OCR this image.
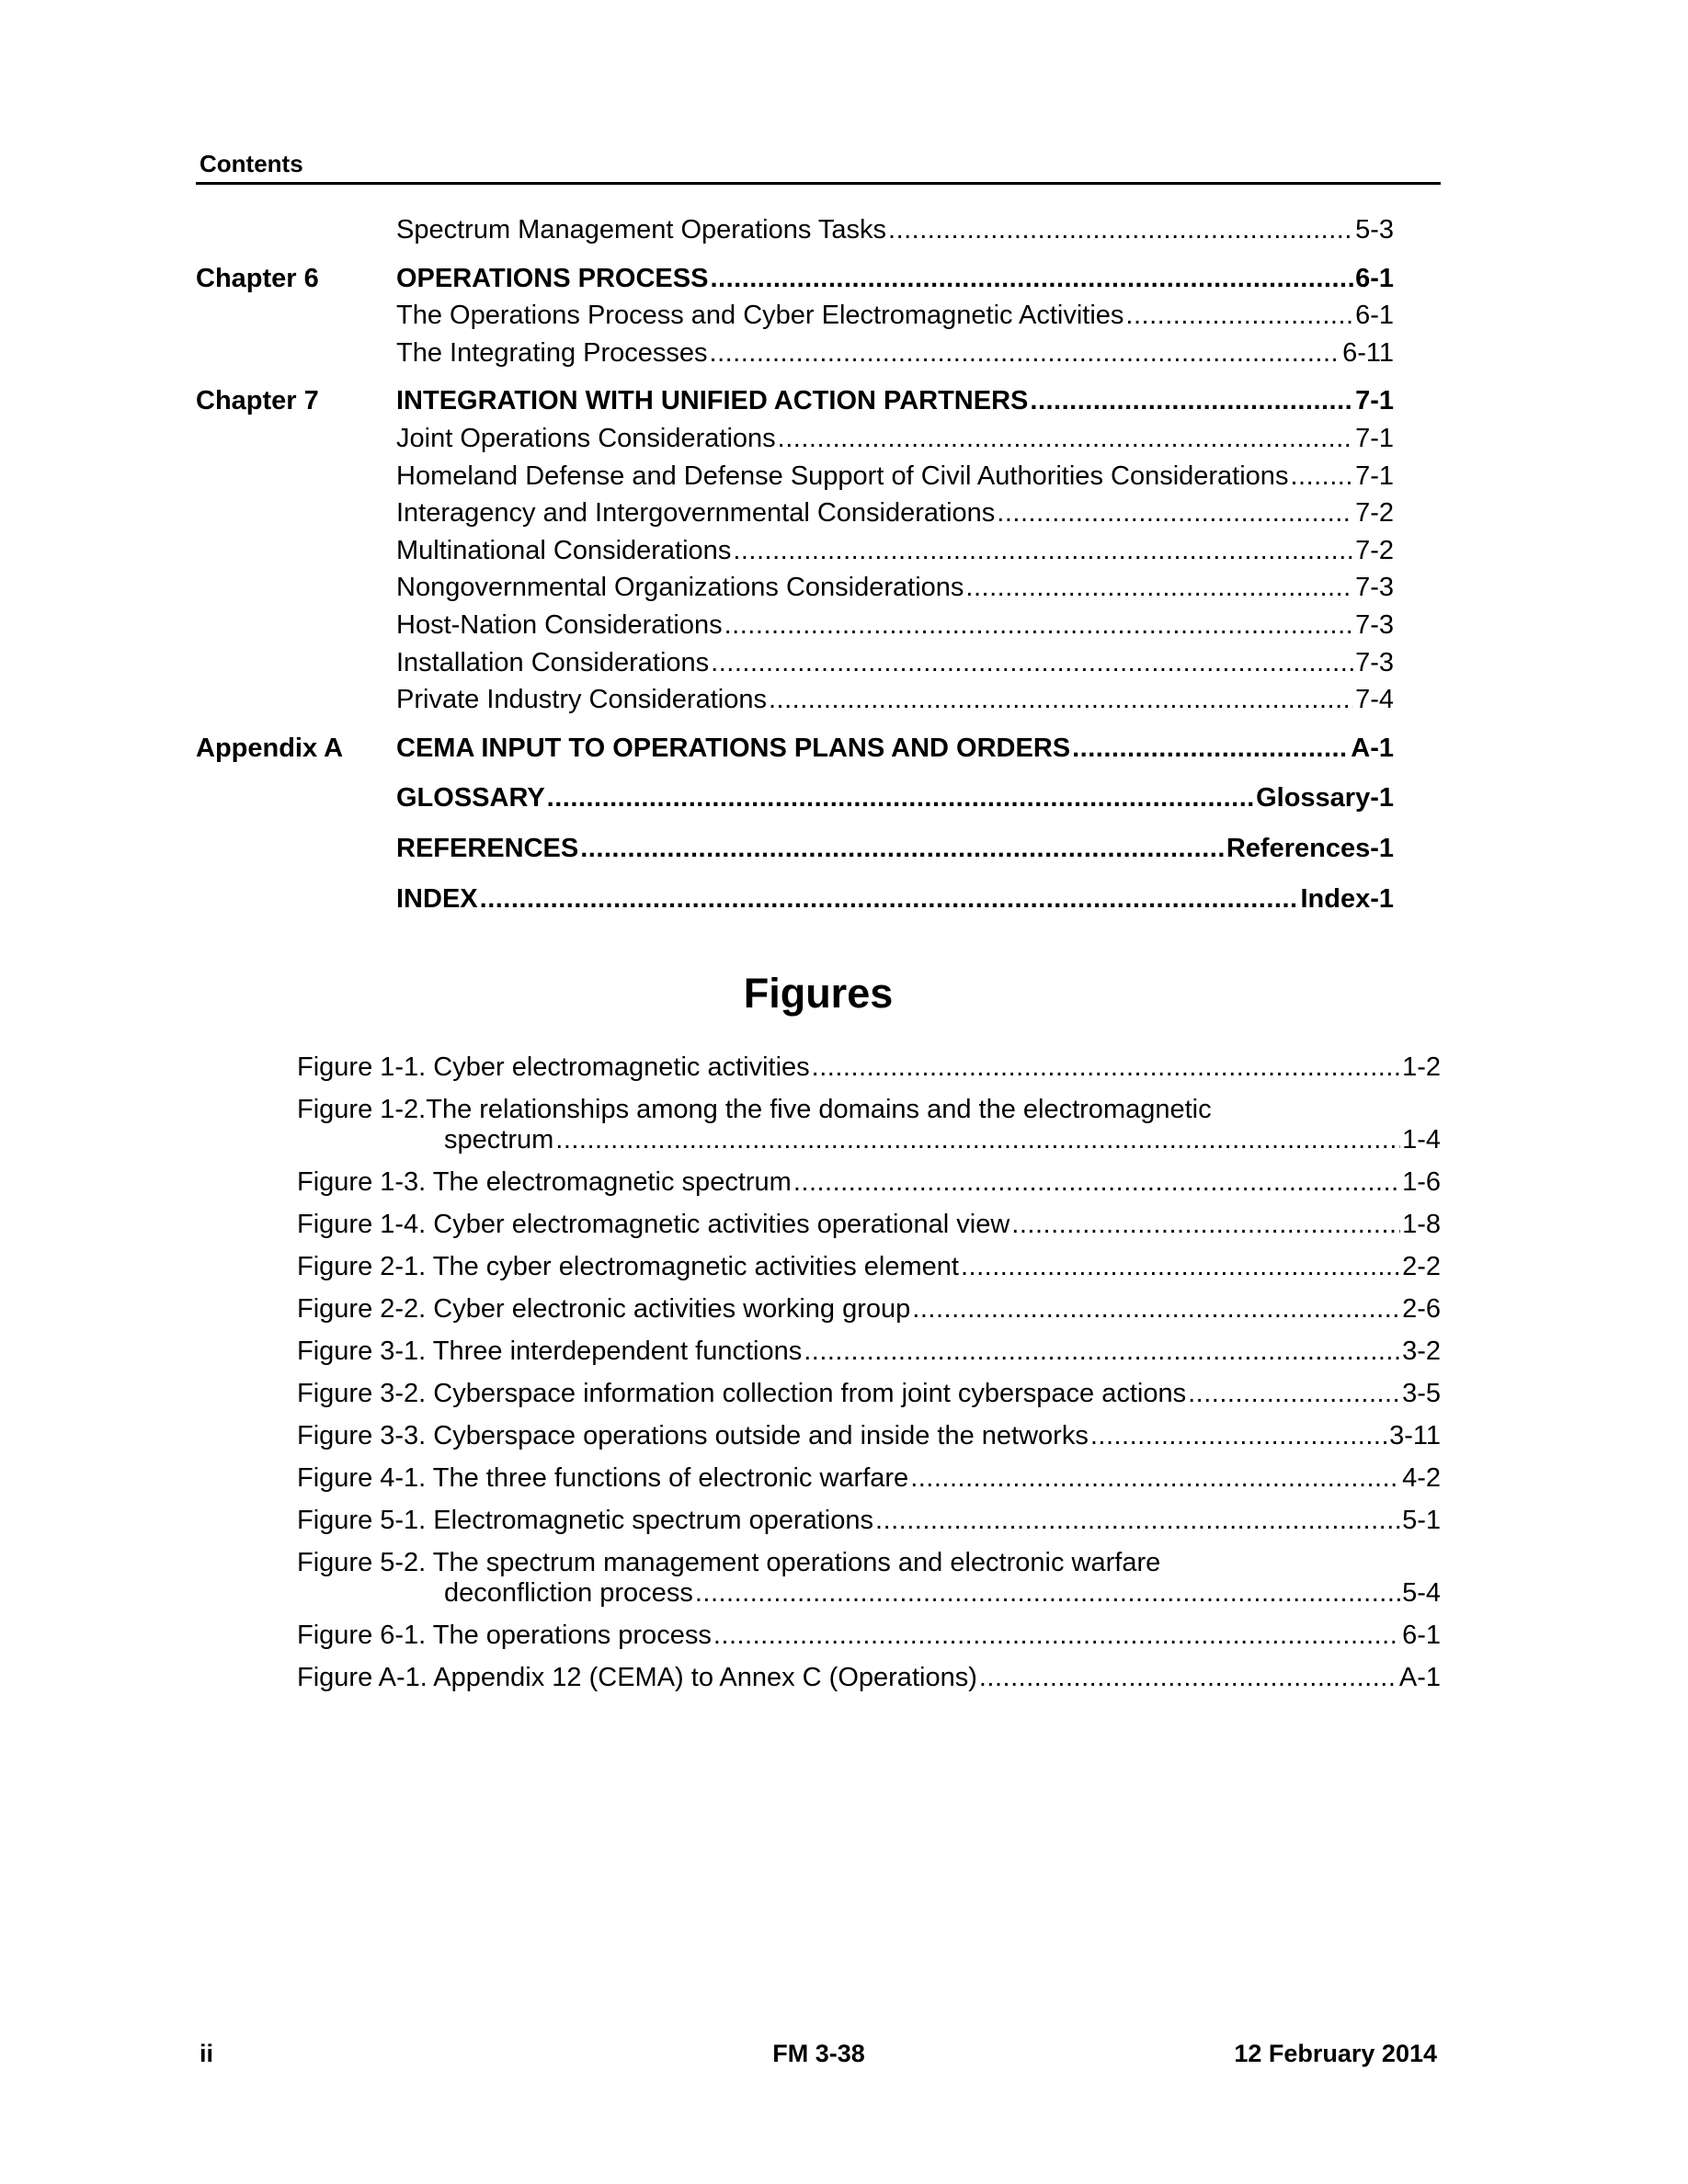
Contents
Spectrum Management Operations Tasks .....	5-3
Chapter 6	OPERATIONS PROCESS .....	6-1
The Operations Process and Cyber Electromagnetic Activities .....	6-1
The Integrating Processes .....	6-11
Chapter 7	INTEGRATION WITH UNIFIED ACTION PARTNERS .....	7-1
Joint Operations Considerations .....	7-1
Homeland Defense and Defense Support of Civil Authorities Considerations .....	7-1
Interagency and Intergovernmental Considerations .....	7-2
Multinational Considerations .....	7-2
Nongovernmental Organizations Considerations .....	7-3
Host-Nation Considerations .....	7-3
Installation Considerations .....	7-3
Private Industry Considerations .....	7-4
Appendix A	CEMA INPUT TO OPERATIONS PLANS AND ORDERS .....	A-1
GLOSSARY .....	Glossary-1
REFERENCES .....	References-1
INDEX .....	Index-1
Figures
Figure 1-1. Cyber electromagnetic activities .....	1-2
Figure 1-2.The relationships among the five domains and the electromagnetic
spectrum .....	1-4
Figure 1-3. The electromagnetic spectrum .....	1-6
Figure 1-4. Cyber electromagnetic activities operational view .....	1-8
Figure 2-1. The cyber electromagnetic activities element .....	2-2
Figure 2-2. Cyber electronic activities working group .....	2-6
Figure 3-1. Three interdependent functions .....	3-2
Figure 3-2. Cyberspace information collection from joint cyberspace actions .....	3-5
Figure 3-3. Cyberspace operations outside and inside the networks .....	3-11
Figure 4-1. The three functions of electronic warfare .....	4-2
Figure 5-1. Electromagnetic spectrum operations .....	5-1
Figure 5-2. The spectrum management operations and electronic warfare
deconfliction process .....	5-4
Figure 6-1. The operations process .....	6-1
Figure A-1. Appendix 12 (CEMA) to Annex C (Operations) .....	A-1
ii	FM 3-38	12 February 2014
